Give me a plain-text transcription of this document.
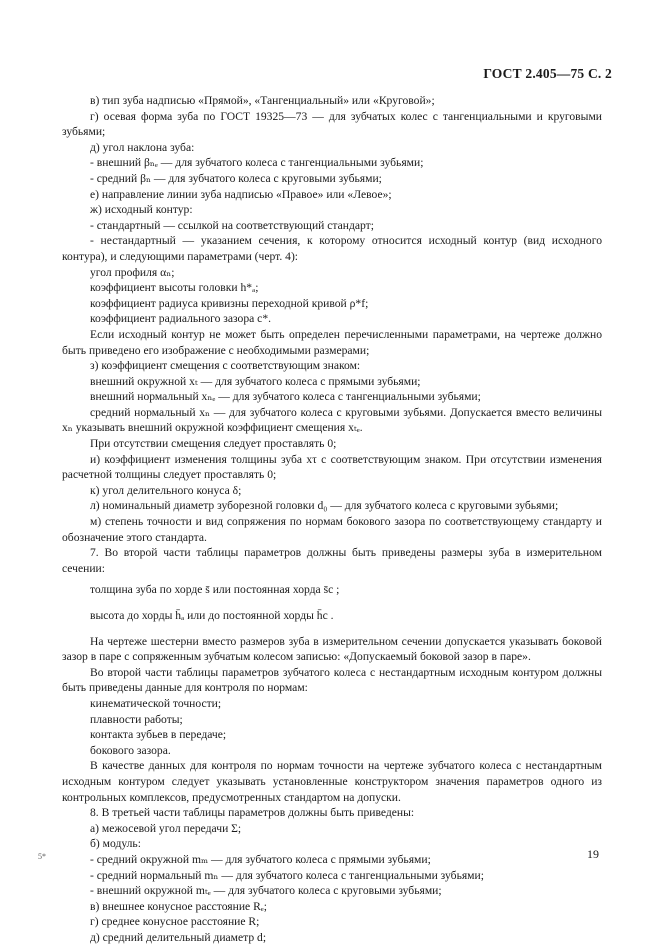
ГОСТ 2.405—75 С. 2

в) тип зуба надписью «Прямой», «Тангенциальный» или «Круговой»;

г) осевая форма зуба по ГОСТ 19325—73 — для зубчатых колес с тангенциальными и круговыми зубьями;

д) угол наклона зуба:

- внешний βₙₑ — для зубчатого колеса с тангенциальными зубьями;

- средний βₙ — для зубчатого колеса с круговыми зубьями;

е) направление линии зуба надписью «Правое» или «Левое»;

ж) исходный контур:

- стандартный — ссылкой на соответствующий стандарт;

- нестандартный — указанием сечения, к которому относится исходный контур (вид исходного контура), и следующими параметрами (черт. 4):

угол профиля αₙ;

коэффициент высоты головки h*ₐ;

коэффициент радиуса кривизны переходной кривой ρ*f;

коэффициент радиального зазора c*.

Если исходный контур не может быть определен перечисленными параметрами, на чертеже должно быть приведено его изображение с необходимыми размерами;

з) коэффициент смещения с соответствующим знаком:

внешний окружной xₜ — для зубчатого колеса с прямыми зубьями;

внешний нормальный xₙₑ — для зубчатого колеса с тангенциальными зубьями;

средний нормальный xₙ — для зубчатого колеса с круговыми зубьями. Допускается вместо величины xₙ указывать внешний окружной коэффициент смещения xₜₑ.

При отсутствии смещения следует проставлять 0;

и) коэффициент изменения толщины зуба xτ с соответствующим знаком. При отсутствии изменения расчетной толщины следует проставлять 0;

к) угол делительного конуса δ;

л) номинальный диаметр зуборезной головки d₀ — для зубчатого колеса с круговыми зубьями;

м) степень точности и вид сопряжения по нормам бокового зазора по соответствующему стандарту и обозначение этого стандарта.

7. Во второй части таблицы параметров должны быть приведены размеры зуба в измерительном сечении:

толщина зуба по хорде s̄ или постоянная хорда s̄c ;
высота до хорды h̄ₐ или до постоянной хорды h̄c .

На чертеже шестерни вместо размеров зуба в измерительном сечении допускается указывать боковой зазор в паре с сопряженным зубчатым колесом записью: «Допускаемый боковой зазор в паре».

Во второй части таблицы параметров зубчатого колеса с нестандартным исходным контуром должны быть приведены данные для контроля по нормам:

кинематической точности;

плавности работы;

контакта зубьев в передаче;

бокового зазора.

В качестве данных для контроля по нормам точности на чертеже зубчатого колеса с нестандартным исходным контуром следует указывать установленные конструктором значения параметров одного из контрольных комплексов, предусмотренных стандартом на допуски.

8. В третьей части таблицы параметров должны быть приведены:

а) межосевой угол передачи Σ;

б) модуль:

- средний окружной mₘ — для зубчатого колеса с прямыми зубьями;

- средний нормальный mₙ — для зубчатого колеса с тангенциальными зубьями;

- внешний окружной mₜₑ — для зубчатого колеса с круговыми зубьями;

в) внешнее конусное расстояние Rₑ;

г) среднее конусное расстояние R;

д) средний делительный диаметр d;

5*	19
